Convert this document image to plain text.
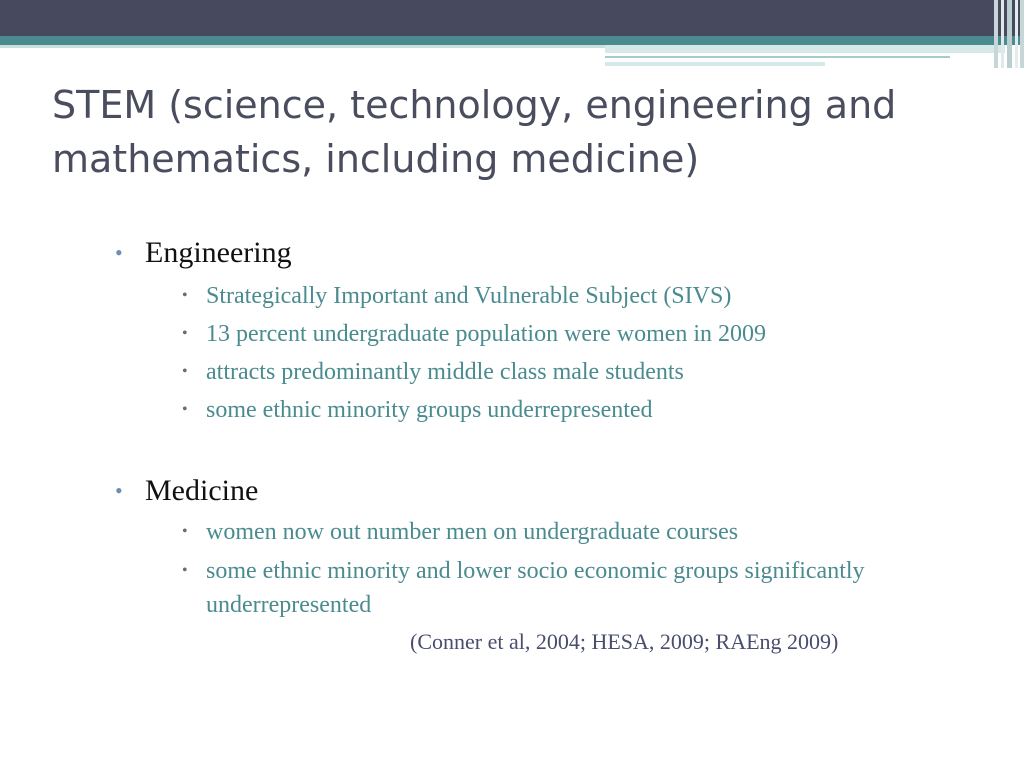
STEM (science, technology, engineering and
mathematics, including medicine)
• Engineering
• Strategically Important and Vulnerable Subject (SIVS)
• 13 percent undergraduate population were women in 2009
• attracts predominantly middle class male students
• some ethnic minority groups underrepresented
• Medicine
• women now out number men on undergraduate courses
• some ethnic minority and lower socio economic groups significantly underrepresented
(Conner et al, 2004; HESA, 2009; RAEng 2009)
